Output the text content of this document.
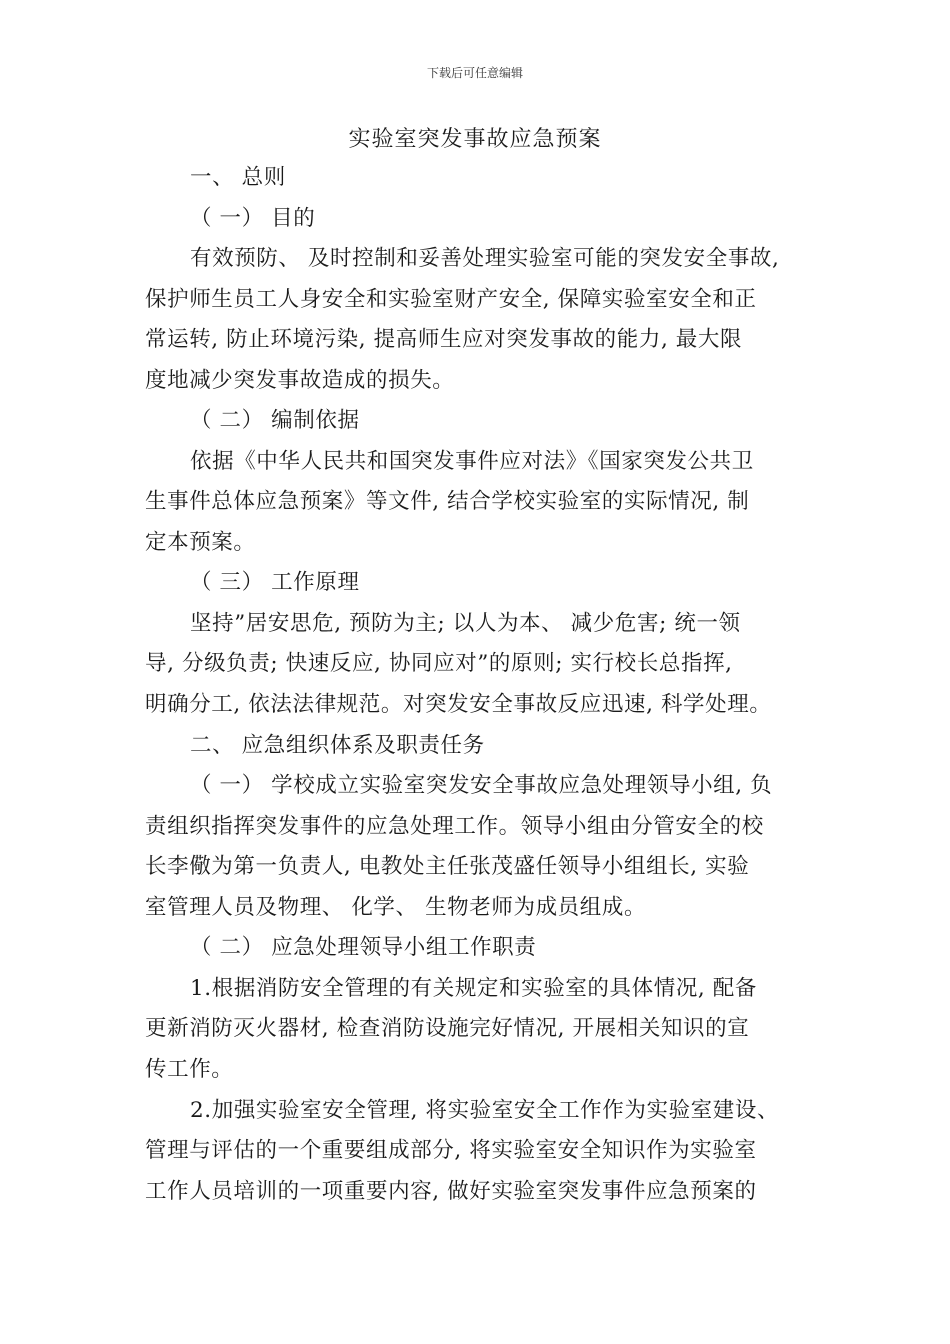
下载后可任意编辑
实验室突发事故应急预案
一、 总则
（ 一） 目的
有效预防、 及时控制和妥善处理实验室可能的突发安全事故,
保护师生员工人身安全和实验室财产安全, 保障实验室安全和正
常运转, 防止环境污染, 提高师生应对突发事故的能力, 最大限
度地减少突发事故造成的损失。
（ 二） 编制依据
依据《中华人民共和国突发事件应对法》《国家突发公共卫
生事件总体应急预案》等文件, 结合学校实验室的实际情况, 制
定本预案。
（ 三） 工作原理
坚持”居安思危, 预防为主; 以人为本、 减少危害; 统一领
导, 分级负责; 快速反应, 协同应对”的原则; 实行校长总指挥,
明确分工, 依法法律规范。对突发安全事故反应迅速, 科学处理。
二、 应急组织体系及职责任务
（ 一） 学校成立实验室突发安全事故应急处理领导小组, 负
责组织指挥突发事件的应急处理工作。领导小组由分管安全的校
长李儆为第一负责人, 电教处主任张茂盛任领导小组组长, 实验
室管理人员及物理、 化学、 生物老师为成员组成。
（ 二） 应急处理领导小组工作职责
1.根据消防安全管理的有关规定和实验室的具体情况, 配备
更新消防灭火器材, 检查消防设施完好情况, 开展相关知识的宣
传工作。
2.加强实验室安全管理, 将实验室安全工作作为实验室建设、
管理与评估的一个重要组成部分, 将实验室安全知识作为实验室
工作人员培训的一项重要内容, 做好实验室突发事件应急预案的
